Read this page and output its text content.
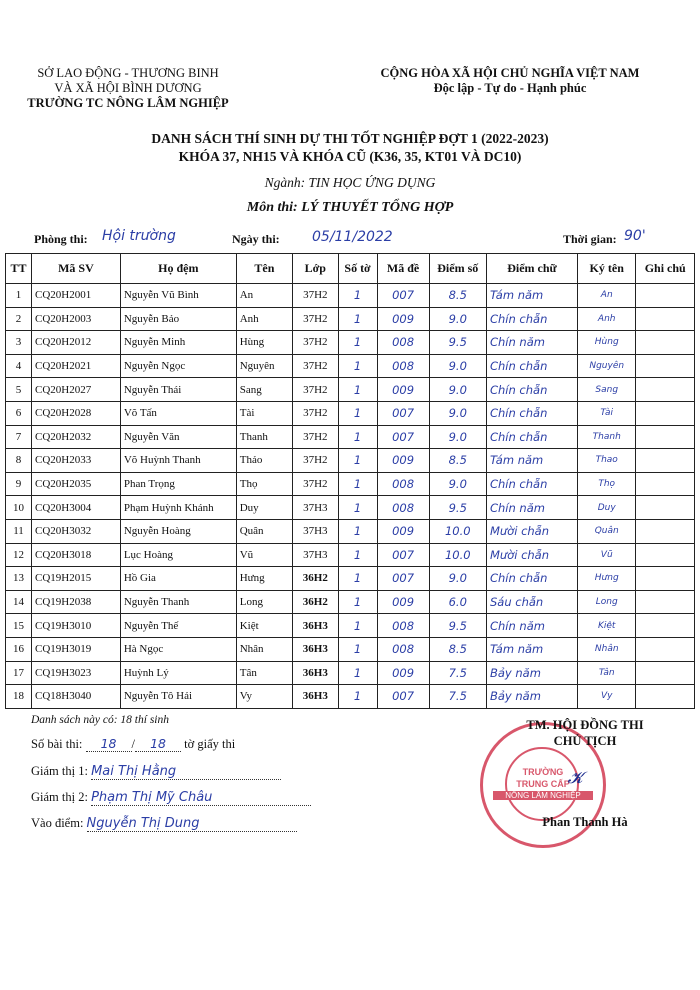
SỞ LAO ĐỘNG - THƯƠNG BINH
VÀ XÃ HỘI BÌNH DƯƠNG
TRƯỜNG TC NÔNG LÂM NGHIỆP
CỘNG HÒA XÃ HỘI CHỦ NGHĨA VIỆT NAM
Độc lập - Tự do - Hạnh phúc
DANH SÁCH THÍ SINH DỰ THI TỐT NGHIỆP ĐỢT 1 (2022-2023)
KHÓA 37, NH15 VÀ KHÓA CŨ (K36, 35, KT01 VÀ DC10)
Ngành: TIN HỌC ỨNG DỤNG
Môn thi: LÝ THUYẾT TỔNG HỢP
Phòng thi: Hội trường	Ngày thi: 05/11/2022	Thời gian: 90'
TT	Mã SV	Họ đệm	Tên	Lớp	Số tờ	Mã đề	Điểm số	Điểm chữ	Ký tên	Ghi chú
1	CQ20H2001	Nguyễn Vũ Bình	An	37H2	1	007	8.5	Tám năm	An	
2	CQ20H2003	Nguyễn Bảo	Anh	37H2	1	009	9.0	Chín chẵn	Anh	
3	CQ20H2012	Nguyễn Minh	Hùng	37H2	1	008	9.5	Chín năm	Hùng	
4	CQ20H2021	Nguyễn Ngọc	Nguyên	37H2	1	008	9.0	Chín chẵn	Nguyên	
5	CQ20H2027	Nguyễn Thái	Sang	37H2	1	009	9.0	Chín chẵn	Sang	
6	CQ20H2028	Võ Tấn	Tài	37H2	1	007	9.0	Chín chẵn	Tài	
7	CQ20H2032	Nguyễn Văn	Thanh	37H2	1	007	9.0	Chín chẵn	Thanh	
8	CQ20H2033	Võ Huỳnh Thanh	Thảo	37H2	1	009	8.5	Tám năm	Thao	
9	CQ20H2035	Phan Trọng	Thọ	37H2	1	008	9.0	Chín chẵn	Thọ	
10	CQ20H3004	Phạm Huỳnh Khánh	Duy	37H3	1	008	9.5	Chín năm	Duy	
11	CQ20H3032	Nguyễn Hoàng	Quân	37H3	1	009	10.0	Mười chẵn	Quân	
12	CQ20H3018	Lục Hoàng	Vũ	37H3	1	007	10.0	Mười chẵn	Vũ	
13	CQ19H2015	Hồ Gia	Hưng	36H2	1	007	9.0	Chín chẵn	Hưng	
14	CQ19H2038	Nguyễn Thanh	Long	36H2	1	009	6.0	Sáu chẵn	Long	
15	CQ19H3010	Nguyễn Thế	Kiệt	36H3	1	008	9.5	Chín năm	Kiệt	
16	CQ19H3019	Hà Ngọc	Nhân	36H3	1	008	8.5	Tám năm	Nhân	
17	CQ19H3023	Huỳnh Lý	Tân	36H3	1	009	7.5	Bảy năm	Tân	
18	CQ18H3040	Nguyễn Tô Hải	Vy	36H3	1	007	7.5	Bảy năm	Vy	
Danh sách này có: 18 thí sinh
Số bài thi: 18 / 18 tờ giấy thi
Giám thị 1: Mai Thị Hằng
Giám thị 2: Phạm Thị Mỹ Châu
Vào điểm: Nguyễn Thị Dung
TRƯỜNG
TRUNG CẤP
NÔNG LÂM NGHIỆP
TM. HỘI ĐỒNG THI
CHỦ TỊCH
𝓚
Phan Thanh Hà
